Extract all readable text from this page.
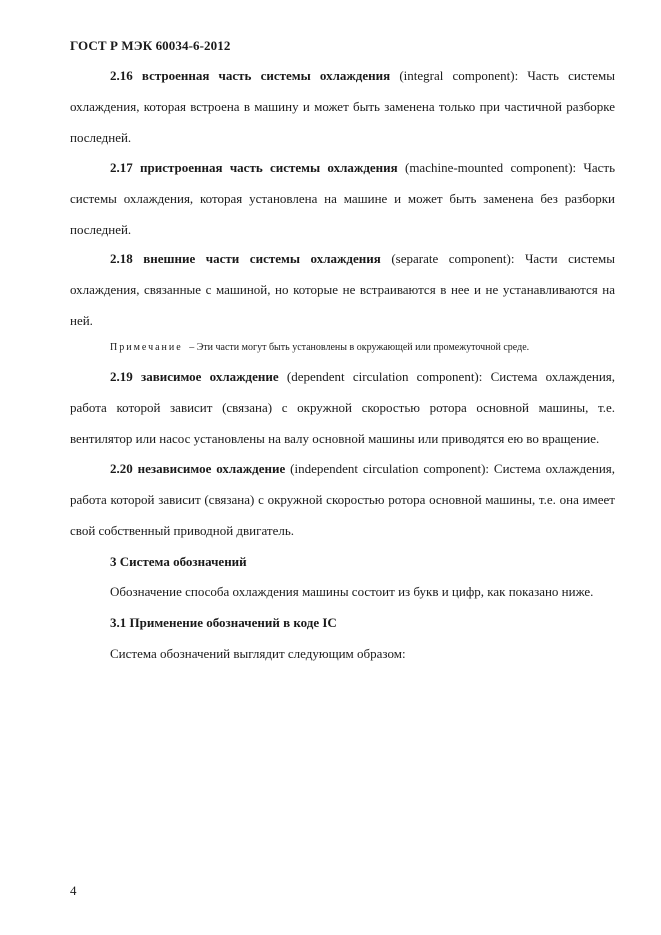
ГОСТ Р МЭК 60034-6-2012

2.16 встроенная часть системы охлаждения (integral component): Часть системы охлаждения, которая встроена в машину и может быть заменена только при частичной разборке последней.

2.17 пристроенная часть системы охлаждения (machine-mounted component): Часть системы охлаждения, которая установлена на машине и может быть заменена без разборки последней.

2.18 внешние части системы охлаждения (separate component): Части системы охлаждения, связанные с машиной, но которые не встраиваются в нее и не устанавливаются на ней.

Примечание – Эти части могут быть установлены в окружающей или промежуточной среде.

2.19 зависимое охлаждение (dependent circulation component): Система охлаждения, работа которой зависит (связана) с окружной скоростью ротора основной машины, т.е. вентилятор или насос установлены на валу основной машины или приводятся ею во вращение.

2.20 независимое охлаждение (independent circulation component): Система охлаждения, работа которой зависит (связана) с окружной скоростью ротора основной машины, т.е. она имеет свой собственный приводной двигатель.

3 Система обозначений
Обозначение способа охлаждения машины состоит из букв и цифр, как показано ниже.
3.1 Применение обозначений в коде IC
Система обозначений выглядит следующим образом:
4
